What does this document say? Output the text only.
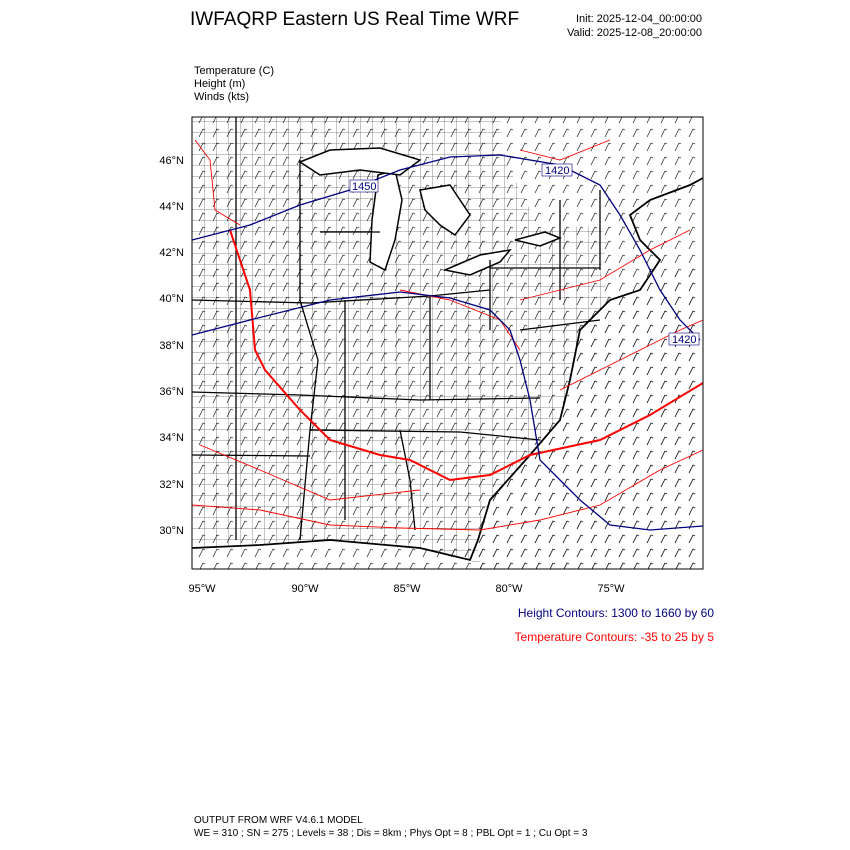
IWFAQRP Eastern US Real Time WRF	Init: 2025-12-04_00:00:00
Valid: 2025-12-08_20:00:00
Temperature (C)
Height (m)
Winds (kts)
1450
1420
1420
46°N
44°N
42°N
40°N
38°N
36°N
34°N
32°N
30°N
95°W	90°W	85°W	80°W	75°W
Height Contours: 1300 to 1660 by 60
Temperature Contours: -35 to 25 by 5
OUTPUT FROM WRF V4.6.1 MODEL
WE = 310 ; SN = 275 ; Levels = 38 ; Dis = 8km ; Phys Opt = 8 ; PBL Opt = 1 ; Cu Opt = 3
